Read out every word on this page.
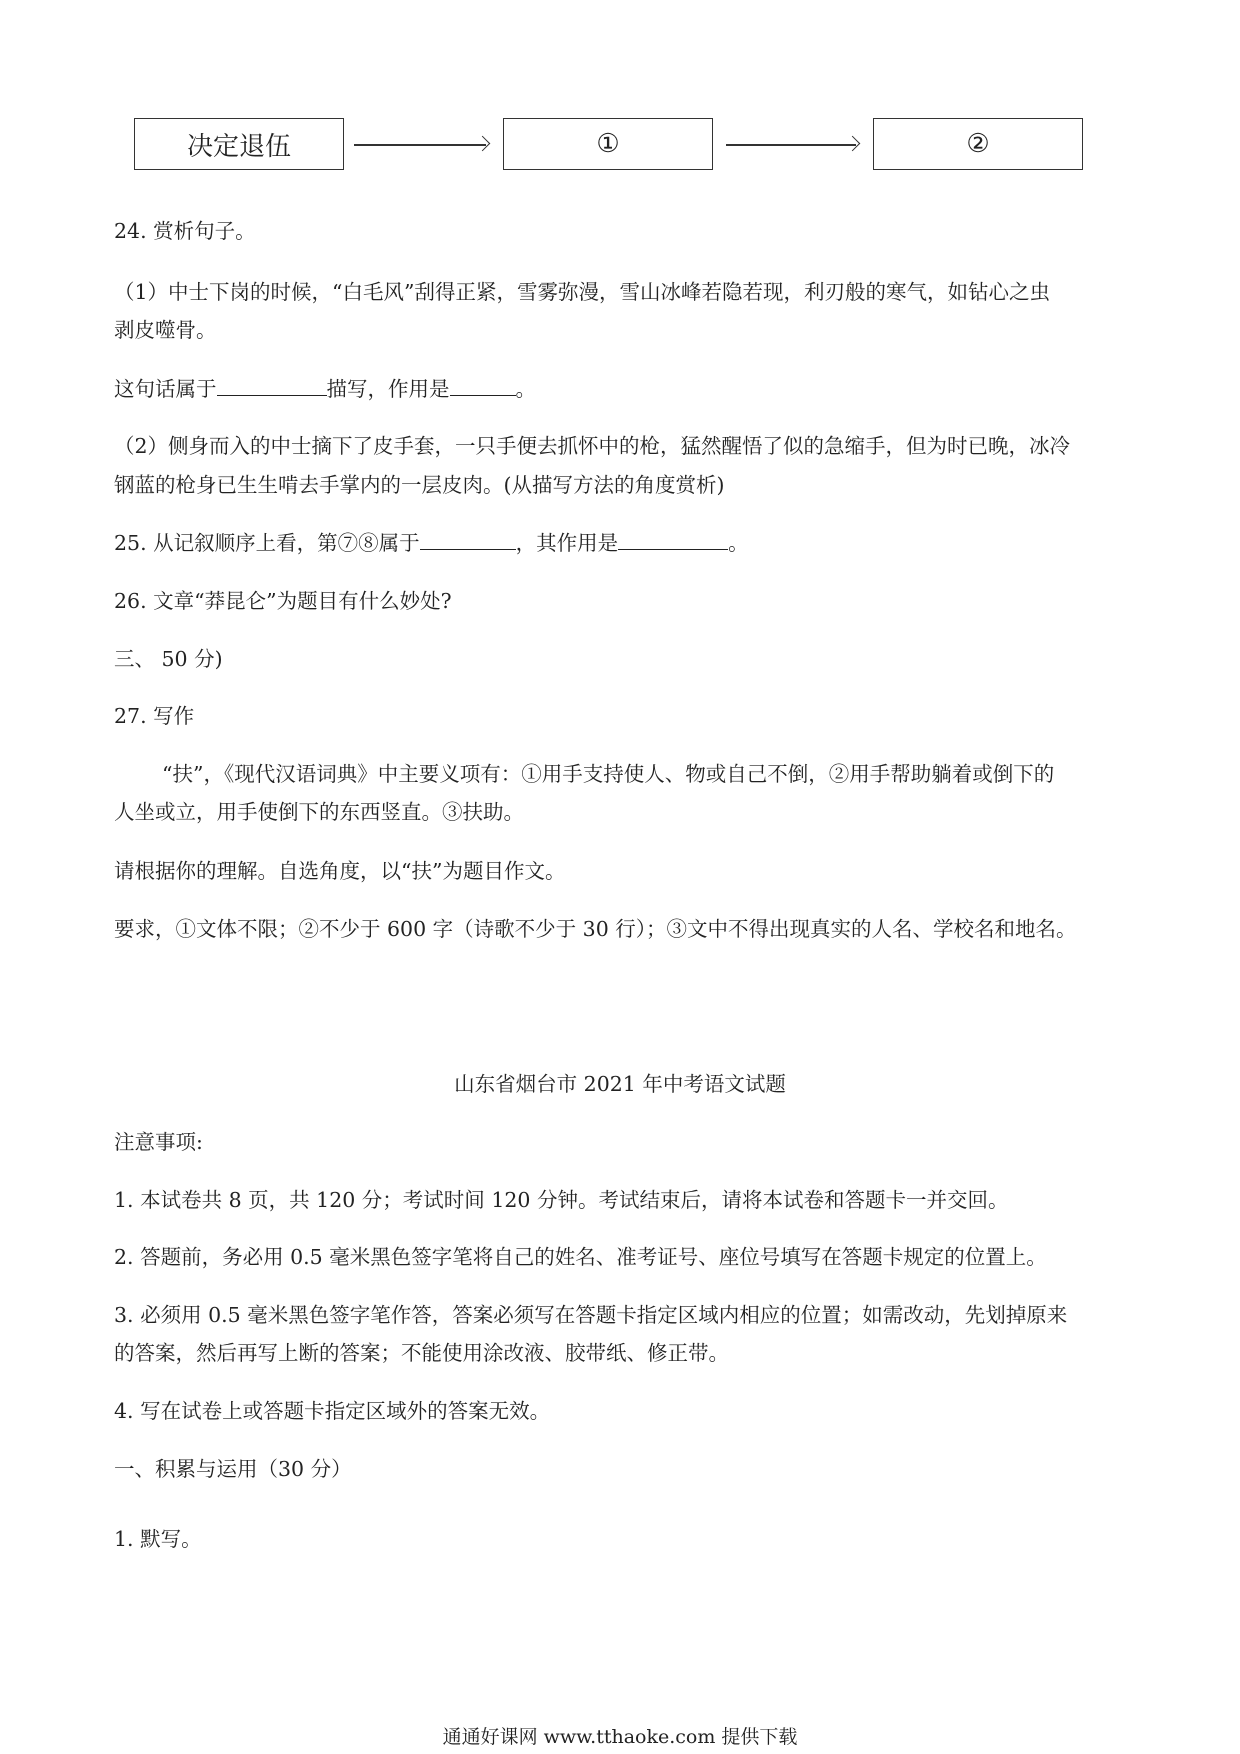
决定退伍	①	②
24. 赏析句子。
（1）中士下岗的时候，“白毛风”刮得正紧，雪雾弥漫，雪山冰峰若隐若现，利刃般的寒气，如钻心之虫
剥皮噬骨。
这句话属于	描写，作用是	。
（2）侧身而入的中士摘下了皮手套，一只手便去抓怀中的枪，猛然醒悟了似的急缩手，但为时已晚，冰冷
钢蓝的枪身已生生啃去手掌内的一层皮肉。(从描写方法的角度赏析)
25. 从记叙顺序上看，第⑦⑧属于	，其作用是	。
26. 文章“莽昆仑”为题目有什么妙处?
三、 50 分)
27. 写作
“扶”，《现代汉语词典》中主要义项有：①用手支持使人、物或自己不倒，②用手帮助躺着或倒下的
人坐或立，用手使倒下的东西竖直。③扶助。
请根据你的理解。自选角度，以“扶”为题目作文。
要求，①文体不限；②不少于 600 字（诗歌不少于 30 行）；③文中不得出现真实的人名、学校名和地名。
山东省烟台市 2021 年中考语文试题
注意事项:
1. 本试卷共 8 页，共 120 分；考试时间 120 分钟。考试结束后，请将本试卷和答题卡一并交回。
2. 答题前，务必用 0.5 毫米黑色签字笔将自己的姓名、准考证号、座位号填写在答题卡规定的位置上。
3. 必须用 0.5 毫米黑色签字笔作答，答案必须写在答题卡指定区域内相应的位置；如需改动，先划掉原来
的答案，然后再写上断的答案；不能使用涂改液、胶带纸、修正带。
4. 写在试卷上或答题卡指定区域外的答案无效。
一、积累与运用（30 分）
1. 默写。
通通好课网 www.tthaoke.com 提供下载
